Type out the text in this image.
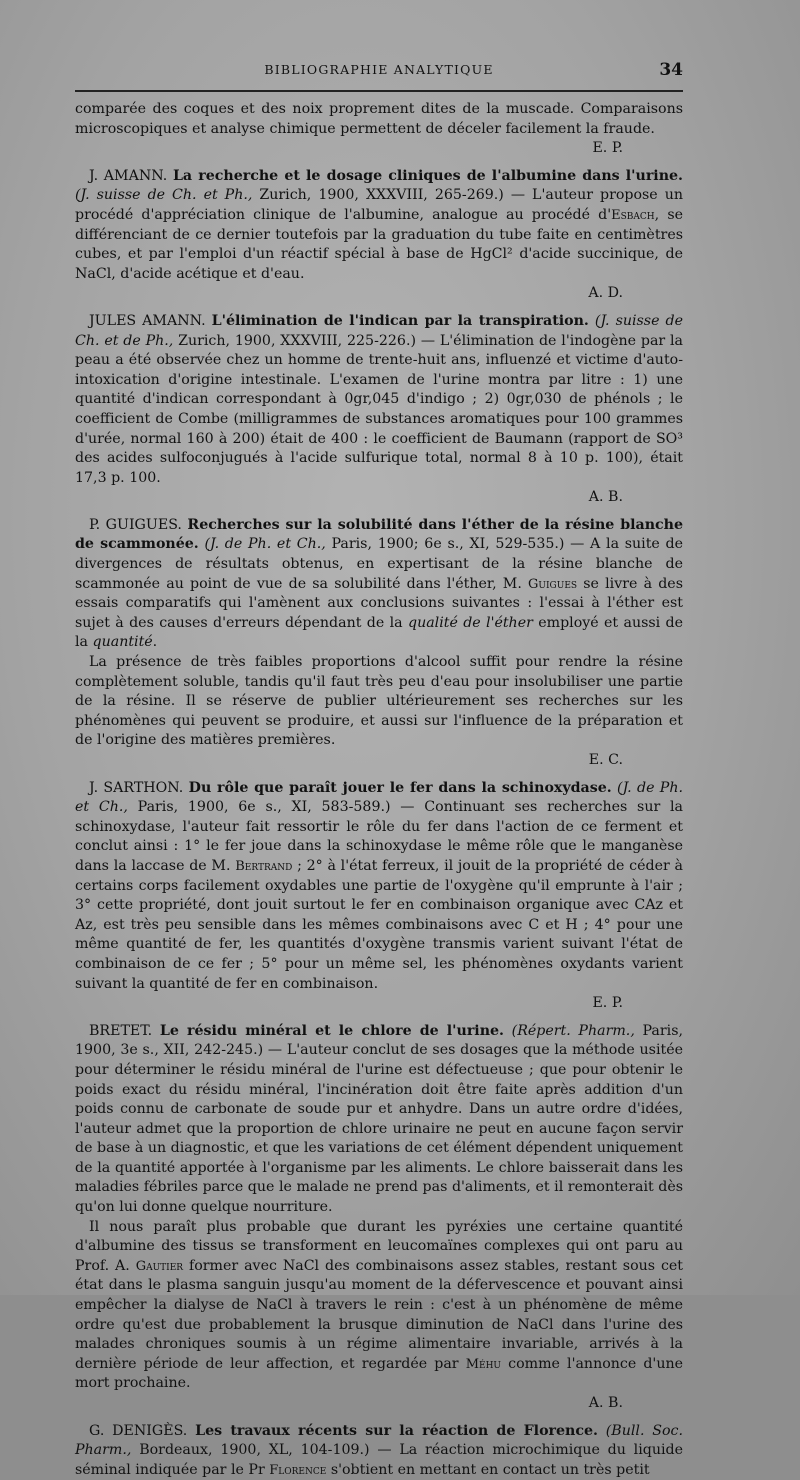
BIBLIOGRAPHIE ANALYTIQUE	34

comparée des coques et des noix proprement dites de la muscade. Comparaisons microscopiques et analyse chimique permettent de déceler facilement la fraude.

E. P.

J. AMANN. La recherche et le dosage cliniques de l'albumine dans l'urine. (J. suisse de Ch. et Ph., Zurich, 1900, XXXVIII, 265-269.) — L'auteur propose un procédé d'appréciation clinique de l'albumine, analogue au procédé d'Esbach, se différenciant de ce dernier toutefois par la graduation du tube faite en centimètres cubes, et par l'emploi d'un réactif spécial à base de HgCl² d'acide succinique, de NaCl, d'acide acétique et d'eau.

A. D.

JULES AMANN. L'élimination de l'indican par la transpiration. (J. suisse de Ch. et de Ph., Zurich, 1900, XXXVIII, 225-226.) — L'élimination de l'indogène par la peau a été observée chez un homme de trente-huit ans, influenzé et victime d'auto-intoxication d'origine intestinale. L'examen de l'urine montra par litre : 1) une quantité d'indican correspondant à 0gr,045 d'indigo ; 2) 0gr,030 de phénols ; le coefficient de Combe (milligrammes de substances aromatiques pour 100 grammes d'urée, normal 160 à 200) était de 400 : le coefficient de Baumann (rapport de SO³ des acides sulfoconjugués à l'acide sulfurique total, normal 8 à 10 p. 100), était 17,3 p. 100.

A. B.

P. GUIGUES. Recherches sur la solubilité dans l'éther de la résine blanche de scammonée. (J. de Ph. et Ch., Paris, 1900; 6e s., XI, 529-535.) — A la suite de divergences de résultats obtenus, en expertisant de la résine blanche de scammonée au point de vue de sa solubilité dans l'éther, M. Guigues se livre à des essais comparatifs qui l'amènent aux conclusions suivantes : l'essai à l'éther est sujet à des causes d'erreurs dépendant de la qualité de l'éther employé et aussi de la quantité.

La présence de très faibles proportions d'alcool suffit pour rendre la résine complètement soluble, tandis qu'il faut très peu d'eau pour insolubiliser une partie de la résine. Il se réserve de publier ultérieurement ses recherches sur les phénomènes qui peuvent se produire, et aussi sur l'influence de la préparation et de l'origine des matières premières.

E. C.

J. SARTHON. Du rôle que paraît jouer le fer dans la schinoxydase. (J. de Ph. et Ch., Paris, 1900, 6e s., XI, 583-589.) — Continuant ses recherches sur la schinoxydase, l'auteur fait ressortir le rôle du fer dans l'action de ce ferment et conclut ainsi : 1° le fer joue dans la schinoxydase le même rôle que le manganèse dans la laccase de M. Bertrand ; 2° à l'état ferreux, il jouit de la propriété de céder à certains corps facilement oxydables une partie de l'oxygène qu'il emprunte à l'air ; 3° cette propriété, dont jouit surtout le fer en combinaison organique avec CAz et Az, est très peu sensible dans les mêmes combinaisons avec C et H ; 4° pour une même quantité de fer, les quantités d'oxygène transmis varient suivant l'état de combinaison de ce fer ; 5° pour un même sel, les phénomènes oxydants varient suivant la quantité de fer en combinaison.

E. P.

BRETET. Le résidu minéral et le chlore de l'urine. (Répert. Pharm., Paris, 1900, 3e s., XII, 242-245.) — L'auteur conclut de ses dosages que la méthode usitée pour déterminer le résidu minéral de l'urine est défectueuse ; que pour obtenir le poids exact du résidu minéral, l'incinération doit être faite après addition d'un poids connu de carbonate de soude pur et anhydre. Dans un autre ordre d'idées, l'auteur admet que la proportion de chlore urinaire ne peut en aucune façon servir de base à un diagnostic, et que les variations de cet élément dépendent uniquement de la quantité apportée à l'organisme par les aliments. Le chlore baisserait dans les maladies fébriles parce que le malade ne prend pas d'aliments, et il remonterait dès qu'on lui donne quelque nourriture.

Il nous paraît plus probable que durant les pyréxies une certaine quantité d'albumine des tissus se transforment en leucomaïnes complexes qui ont paru au Prof. A. Gautier former avec NaCl des combinaisons assez stables, restant sous cet état dans le plasma sanguin jusqu'au moment de la défervescence et pouvant ainsi empêcher la dialyse de NaCl à travers le rein : c'est à un phénomène de même ordre qu'est due probablement la brusque diminution de NaCl dans l'urine des malades chroniques soumis à un régime alimentaire invariable, arrivés à la dernière période de leur affection, et regardée par Méhu comme l'annonce d'une mort prochaine.

A. B.

G. DENIGÈS. Les travaux récents sur la réaction de Florence. (Bull. Soc. Pharm., Bordeaux, 1900, XL, 104-109.) — La réaction microchimique du liquide séminal indiquée par le Pr Florence s'obtient en mettant en contact un très petit
